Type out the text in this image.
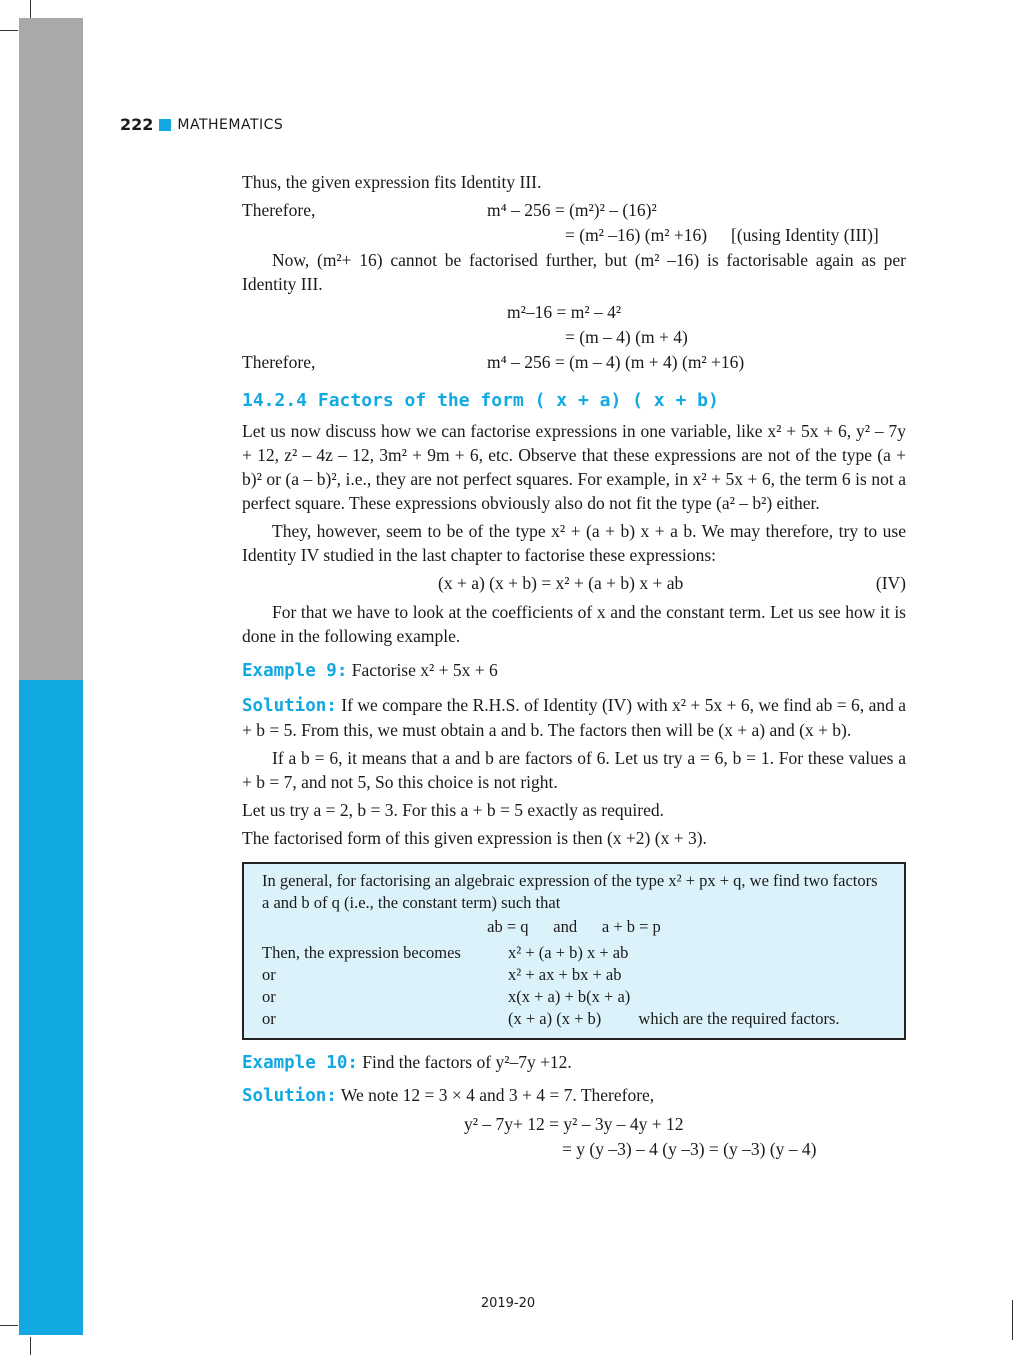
222 MATHEMATICS

Thus, the given expression fits Identity III.

Therefore,	m⁴ – 256 = (m²)² – (16)²
= (m² –16) (m² +16) [(using Identity (III)]

Now, (m²+ 16) cannot be factorised further, but (m² –16) is factorisable again as per Identity III.

m²–16 = m² – 4²
= (m – 4) (m + 4)
Therefore,	m⁴ – 256 = (m – 4) (m + 4) (m² +16)
14.2.4 Factors of the form ( x + a) ( x + b)

Let us now discuss how we can factorise expressions in one variable, like x² + 5x + 6, y² – 7y + 12, z² – 4z – 12, 3m² + 9m + 6, etc. Observe that these expressions are not of the type (a + b)² or (a – b)², i.e., they are not perfect squares. For example, in x² + 5x + 6, the term 6 is not a perfect square. These expressions obviously also do not fit the type (a² – b²) either.

They, however, seem to be of the type x² + (a + b) x + a b. We may therefore, try to use Identity IV studied in the last chapter to factorise these expressions:

(x + a) (x + b) = x² + (a + b) x + ab	(IV)

For that we have to look at the coefficients of x and the constant term. Let us see how it is done in the following example.

Example 9: Factorise x² + 5x + 6

Solution: If we compare the R.H.S. of Identity (IV) with x² + 5x + 6, we find ab = 6, and a + b = 5. From this, we must obtain a and b. The factors then will be (x + a) and (x + b).

If a b = 6, it means that a and b are factors of 6. Let us try a = 6, b = 1. For these values a + b = 7, and not 5, So this choice is not right.

Let us try a = 2, b = 3. For this a + b = 5 exactly as required.

The factorised form of this given expression is then (x +2) (x + 3).

In general, for factorising an algebraic expression of the type x² + px + q, we find two factors a and b of q (i.e., the constant term) such that
ab = q      and      a + b = p
Then, the expression becomes	x² + (a + b) x + ab
or	x² + ax + bx + ab
or	x(x + a) + b(x + a)
or	(x + a) (x + b)         which are the required factors.

Example 10: Find the factors of y²–7y +12.

Solution: We note 12 = 3 × 4 and 3 + 4 = 7. Therefore,

y² – 7y+ 12 = y² – 3y – 4y + 12
= y (y –3) – 4 (y –3) = (y –3) (y – 4)
2019-20
